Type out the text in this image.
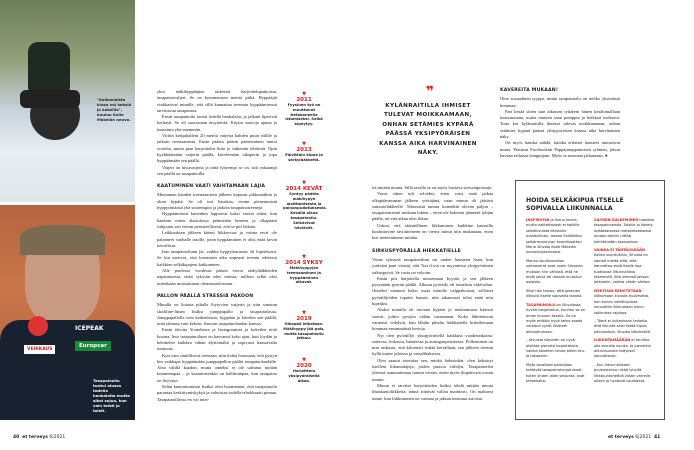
"Kaikenlaista kivaa voi keksiä ja kokeilla", kuuluu Kalle Mäkelän neuvo.
ICEPEAK
Europcar
VEIKKAUS
Tasapainoilu tuntui alussa todella hankalalta mutta alkoi sujua, kun vain toisti ja toisti.

ykoi mäkihyppääjien tärkeistä harjoittelupaikoista, tasapainovaljeri. Se on kymmenisen metriä pitkä. Hyppääjät vinkkasivat minulle, että sillä kannattaa treenata hyppäämisessä tarvittavaa tasapainoa.

Ensin tasapainoilu tuntui todella hankalalta, ja jalkani lipesivät herkästi. Se oli suorastaan ärsyttävää. Käytin sauvoja apuna ja innostuin yhä enemmän.

Viritin kotipihalleni 20 metriä vaijeria kahden puun välille ja jatkoin treenaamista. Ensin pääsin pääsin päästeminen tuntui voitolta, mutta pian harjoittelin lisää ja vaikeutin tehtävää. Opin kyykkäämään vaijerin päällä, kävelemään takaperin ja jopa hyppäämään sen päällä.

Vaijeri on hissivaijeria ja mitä lyhyempi se on, sitä vakaampi sen päällä on tasapainoilla.

KAATUMINEN VAATI VAIHTAMAAN LAJIA

Muutaman kauden treenaamisen jälkeen kapusin pikkumäkiin ja aloin hypätä. Se oli tosi hauskaa, etenin pienemmistä hyppyrimäistä yhä suurempiin ja jatkoin tasapainotreenejä.

Hyppäämiseni kuitenkin loppuivat kaksi vuotta sitten, kun kaaduin mäen alastulossa pehmeään lumeen ja olkapääni ruhjoutui sen verran perusteellisesti, että se piti leikata.

Leikkauksen jälkeen käteni liikkuvuus ja voima eivät ole palanneet vanhalle tasolle, joten hyppääminen ei olisi enää kovin turvallista.

Into tasapainoiluun jäi, vaikka hyppyharrastus oli lopetettava. Se kin motivoi, että huomasin aika nopeasti treenin edetessä kaikkien selkäkipujeni kaikonneen.

Alle puolessa vuodessa pääsin eroon särkylääkkeiden napsimisesta, enkä sykytän edes muista, milloin selkä olisi mitenkään muistuttanut olemassaolostaan.

PALLON PÄÄLLÄ STRESSIÄ PAKOON

Minulla on kotona pihalla löytyvien vaijerin ja niin sanotun slackline-liinan lisäksi jumppapallo ja tasapainolauta. Jumppapallolla teen kaikenlaista, hyppään ja kävelen sen päällä, mitä tahansa vain keksin. Samoin tasapainolaudan kanssa.

Ensin ideoita Youtubesta ja Instagramista ja kokeilen niitä kotona. Into tasapainoiluun on kasvanut koko ajan, kun löydän ja kehittelen kaikkea vähän älyttömältä ja sopivasti haastavalta tuntuvaa.

Kun vain säntillisesti treenaan, niin kohta huomaan, että pystyn kin vaikkapa hyppäämään jumppapallon päältä tasapainolaudalle. Aina välillä kaadun, mutta onneksi ei ole sattunut mitään kummempaa – ja kaatumisenkin on hallittumpaa, kun tasapaino on löytynyt.

Selän kuntoutumisen lisäksi olen huomannut, että tasapainoilu parantaa keskittymiskykyä ja vahvistaa todella tehokkaasti pinnaa. Tasapainoillessa en voi miet-

▼
2011
Fyysinen työ on muuttunut tietokoneella istumiseksi. Selkä kipeytyy.
▼
2013
Päivittäin kipua ja särkylääkkeitä.
▼
2014 KEVÄT
Syntyy päätös mäkihypyn aloittamisesta ja painonpudotuksesta. Kesällä alkaa tasapainoilu. Selkävivut häviävät.
▼
2014 SYKSY
Mäkihyppyjen treenaaminen ja hyppääminen alkavat.
▼
2019
Olkapää leikataan. Mäkihyppy jää pois, mutta tasapainoilu jatkuu.
▼
2020
Harjoittelu yksipyöräisellä alkaa.
40 et terveys 6|2021
❞
KYLÄNRAITILLA IHMISET TULEVAT MOIKKAAMAAN, ONHAN SETÄMIES KYPÄRÄ PÄÄSSÄ YKSIPYÖRÄISEN KANSSA AIKA HARVINAINEN NÄKY.
KAVEREITA MUKAAN!

Olen sosiaalinen tyyppi, mutta tasapainoilu on melko yksinäistä hommaa.

Pari kesää sitten sain aikuisen tyttäreni hänen kesälomallaan innostumaan, mutta muuten saan pomppia ja keikkuä itsekseni. Totta kai kylänraitilla ihmiset tulevat moikkaamaan, onhan setämies kypärä päässä yksipyöräisen kanssa aika harvinainen näky.

On myös hauska nähdä, kuinka erilaiset haasteet innostavat muita. Perustin Facebookiin Pappajumppaimisen ryhmän, johon kavaan erilaisia temppujani. Myös se innostaa jatkamaan. ●

tiä mitään muuta. Sillä tavalla se on myös loistava stressinpoistaja.

Vuosi sitten tuli selväksi, etten voisi enää jatkaa olkapäävamman jälkeen yrittäjänä, vaan minun oli jäätävä sairauseläkkeelle. Tekemistä tuntuu kuitenkin olevan paljon – tasapainotreenit mukaan lukien – etten ole kokenut jääneeni tyhjän päälle, tai että aikaa olisi liikaa.

Uskon, että säännöllinen liikkuminen kaikkine hassuilla kuulostavine tavoitteineen on vienyt minut niin mukanaan, etten koe menettäneeni mitään.

SIRKUSPYÖRÄLLÄ HIEKKATIELLE

Viime syksynä tasapainoiluni sai uuden haasteen lisän, kun ystäväni pani viestiä, että Tori.fi:ssä on myynnissä yksipyöräinen sirkuspyörä. Se vasta on vekotin.

Ensin piti harjoitella nousemaan kyytiin ja sen jälkeen pysymään pyörän päällä. Alkuun pyöräily oli totaalista väkivaltaa. Onneksi vaimoni keksi ostaa minulle valppahousut, sellaiset pyöräilijöiden topatut housut, niin takamuset tulisi enää niin kipeäksi.

Aluksi minulla oli turvana kypärä ja molemmissa käsissä sauvat, joihin pystyin vähän varaamaan. Koko lähitienoota varmasti viihdytti, kun lähdin pihalta hiekkatielle kokeilemaan hommaa ensimmäistä kertoja.

Nyt olen pyöräillyt yksipyöräisellä kaikkina vuodenaikoina: sateessa, loskassa, hameessa ja auringonpaisteessa. Polkeminen on niin raskasta, että kilometri riittää kerrallaan, sen jälkeen treenin kyllä tuntee jaloissa ja vatsalihaksissa.

Olen saanut toteuttaa sen, minkä halusinkin: olen keksinyt itselleni liikuntalajeja, joiden parissa viihdyn. Tasapainoilen yleensä aamutuimaan tunnin verran, usein myös iltapäivisin toisen tunnin.

Minun ei tarvitse harjoitteiden lisäksi tehdä mitään muuta lihaskuntoliikkeitä, nämä riittävät vallan mainiosti. On mahtava tunne, kun liikkuminen on varmaa ja jaksan innostua asioista.

HOIDA SELKÄKIPUA ITSELLE SOPIVALLA LIIKUNNALLA

INSPIROIVA ja hieno tarina, mutta valitettavasti ei kaikille selkäkivuista kärsiville mahdollinen, toteaa Selkäliiton selkäneuvonnan koordinaattori Maria Sihvola Kalle Mäkelän kuntoutustarinasta.

Monen kipukroonikon voimavarat ovat usein Sihvolan mukaan niin vähissä, että he eivät jaksa tai uskalla innostua asioista.

Siksi hän toivoo, että jokainen liikkuisi itselle sopivalla tavalla.

TASAPAINOILU on Sihvolasta hyvää harjoittelua, kunhan se on oman kunnon tasolla. Se on myös erittäin hyvä keino saada vartalon syvät lihakset aktivoitumaan.

– Kivuista kärsivän on hyvä aloittaa pienistä harjoitteista, vaikka kävellen viivaa pitkin etu- ja takaperin.

Myös tavalliset paikallaan tehtävät tasapainoharjoitukset, kuten yhden jalan seisonta, ovat tehokkaita.

SILMIEN SULKEMINEN haastaa tasapainoaistia. Toisille jo kävely epätasaisessa metsämaastossa omaan tahtiin riittää kehittämään tasapainoa.

VAIKKA EI TÄHTÄISIKÄÄN Kallen suorituksiin, Sihvola on samaa mieltä siitä, että kannattaa etsiä itselle iloa tuottavaa liikunnallista tekemistä. Sitä yleensä jaksaa jatkaakin, vaikka vähän särkee.

NYKYISIN KEHOTETAAN liikkumaan kivusta huolimatta, kun ennen selkäkipuista neuvottiin liikkumaan kivun sallimissa rajoissa.

– Tämä ei kuitenkaan tarkoita, että liikunta saisi lisätä kipua, päinvastoin, Sihvola tähdentää.

LIIKUNTAMÄÄRÄN ei tarvitse olla kerralla suurta. Jo pienetkin aktiivisuuden lisäykset kannattavat.

– Kun liikunnalliseen puuhasteluun lisää lyhyitä lihaskuntohetkiä viikon varrelle, ollaan jo hyvässä vauhdissa.

et terveys 6|2021 41
